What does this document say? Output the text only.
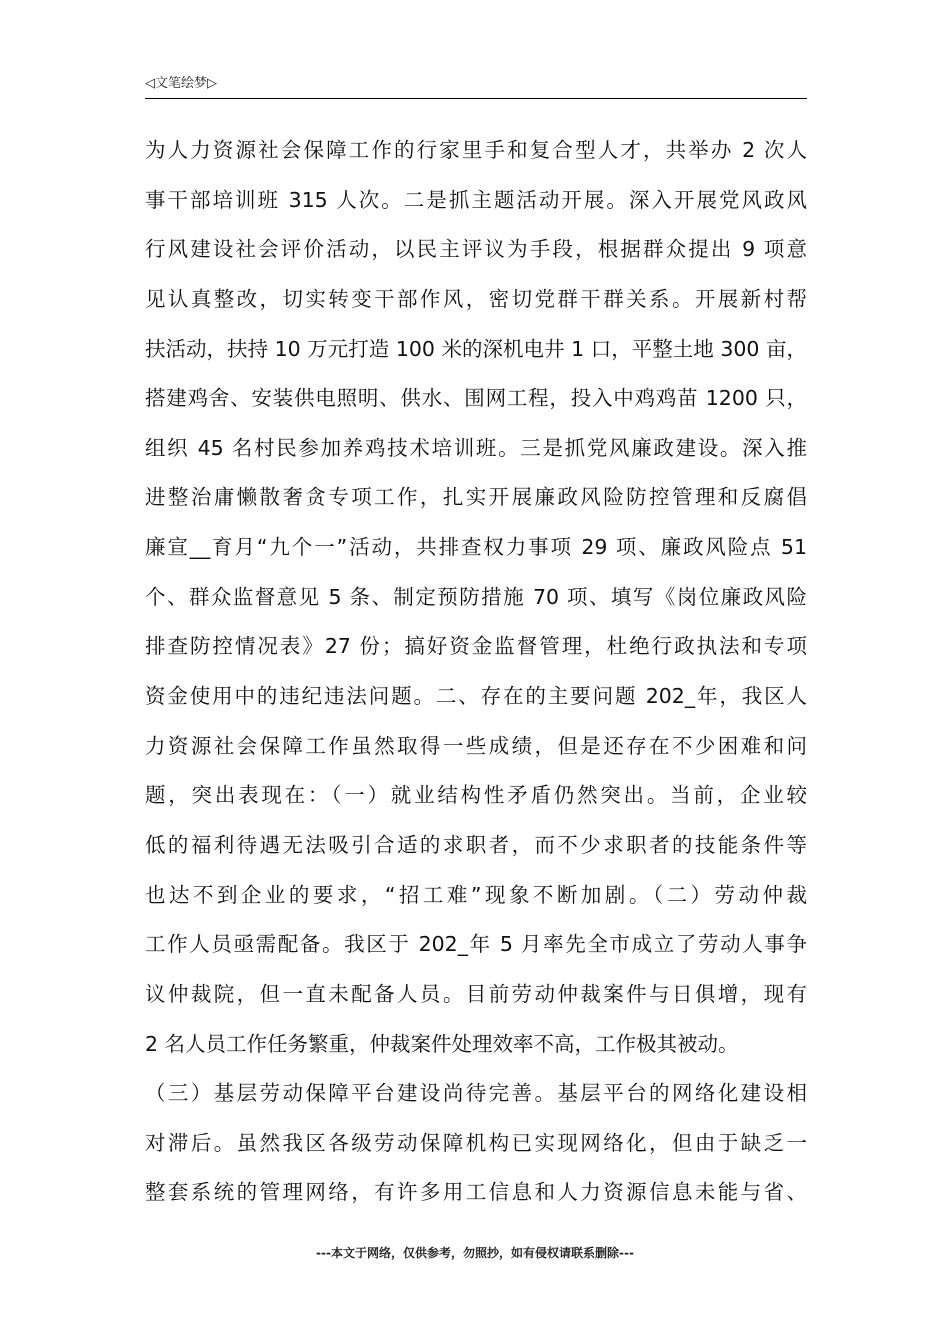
◁文笔绘梦▷
为人力资源社会保障工作的行家里手和复合型人才，共举办 2 次人
事干部培训班 315 人次。二是抓主题活动开展。深入开展党风政风
行风建设社会评价活动，以民主评议为手段，根据群众提出 9 项意
见认真整改，切实转变干部作风，密切党群干群关系。开展新村帮
扶活动，扶持 10 万元打造 100 米的深机电井 1 口，平整土地 300 亩，
搭建鸡舍、安装供电照明、供水、围网工程，投入中鸡鸡苗 1200 只，
组织 45 名村民参加养鸡技术培训班。三是抓党风廉政建设。深入推
进整治庸懒散奢贪专项工作，扎实开展廉政风险防控管理和反腐倡
廉宣__育月“九个一”活动，共排查权力事项 29 项、廉政风险点 51
个、群众监督意见 5 条、制定预防措施 70 项、填写《岗位廉政风险
排查防控情况表》27 份；搞好资金监督管理，杜绝行政执法和专项
资金使用中的违纪违法问题。二、存在的主要问题 202_年，我区人
力资源社会保障工作虽然取得一些成绩，但是还存在不少困难和问
题，突出表现在：（一）就业结构性矛盾仍然突出。当前，企业较
低的福利待遇无法吸引合适的求职者，而不少求职者的技能条件等
也达不到企业的要求，“招工难”现象不断加剧。（二）劳动仲裁
工作人员亟需配备。我区于 202_年 5 月率先全市成立了劳动人事争
议仲裁院，但一直未配备人员。目前劳动仲裁案件与日俱增，现有
2 名人员工作任务繁重，仲裁案件处理效率不高，工作极其被动。
（三）基层劳动保障平台建设尚待完善。基层平台的网络化建设相
对滞后。虽然我区各级劳动保障机构已实现网络化，但由于缺乏一
整套系统的管理网络，有许多用工信息和人力资源信息未能与省、
---本文于网络，仅供参考，勿照抄，如有侵权请联系删除---
